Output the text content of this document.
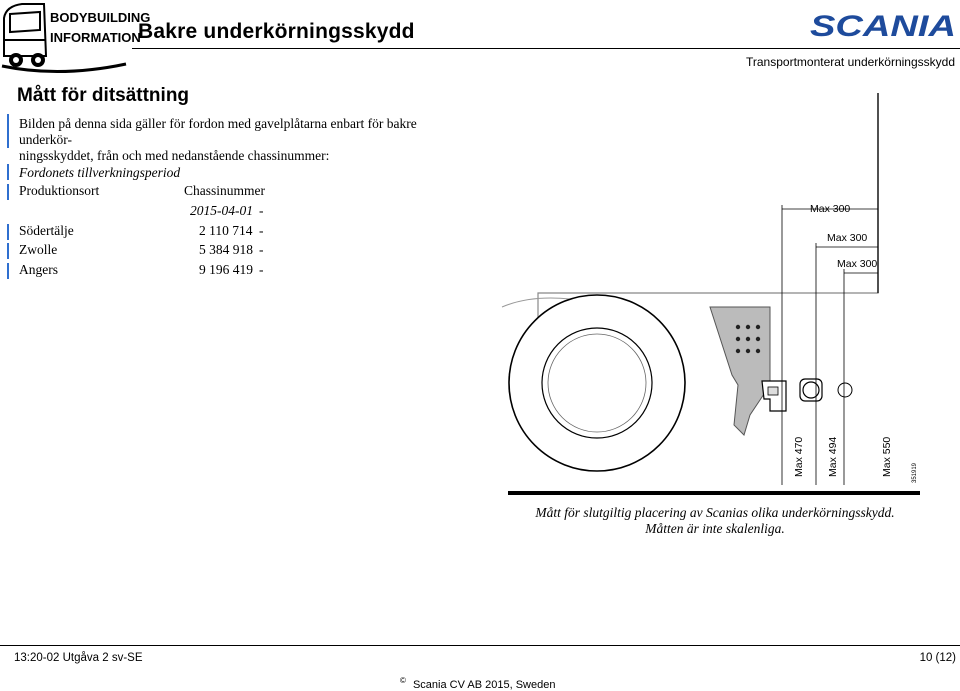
BODYBUILDING
INFORMATION
Bakre underkörningsskydd	SCANIA
Transportmonterat underkörningsskydd
Mått för ditsättning
Bilden på denna sida gäller för fordon med gavelplåtarna enbart för bakre underkör-
ningsskyddet, från och med nedanstående chassinummer:
Fordonets tillverkningsperiod
Produktionsort	Chassinummer
2015-04-01 -
Södertälje	2 110 714 -
Zwolle	5 384 918 -
Angers	9 196 419 -
Max 300
Max 300
Max 300
Max 470 Max 494	Max 550	351919
Mått för slutgiltig placering av Scanias olika underkörningsskydd.
Måtten är inte skalenliga.
13:20-02 Utgåva 2 sv-SE	10 (12)
© Scania CV AB 2015, Sweden
